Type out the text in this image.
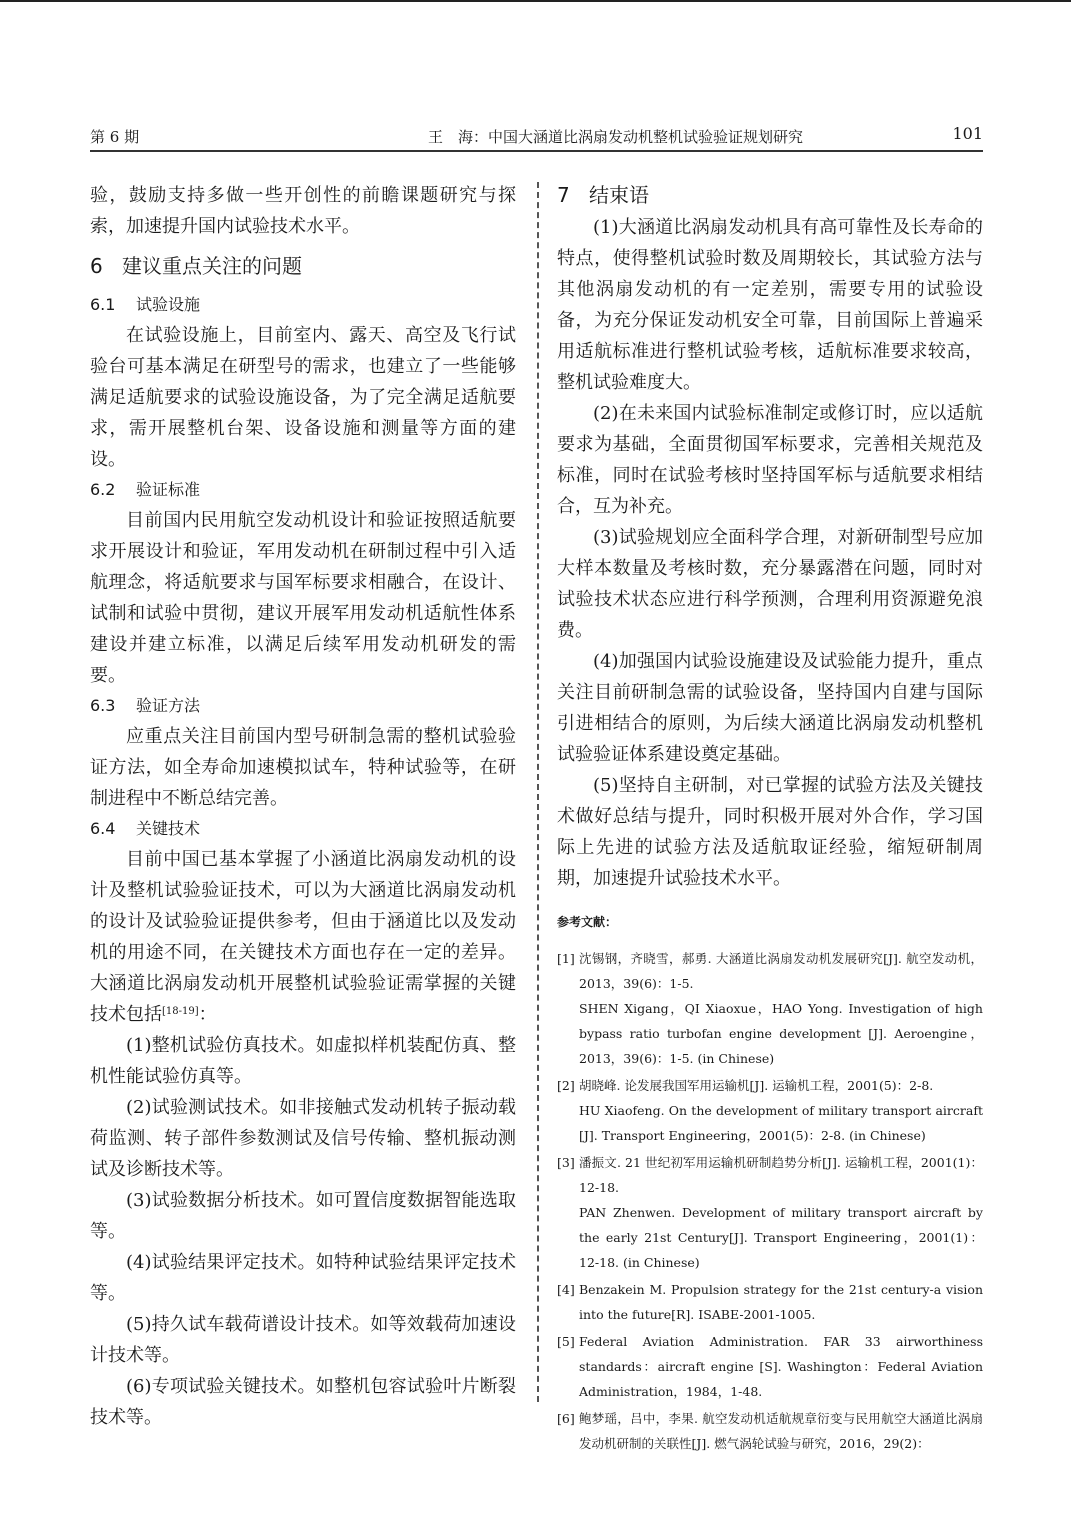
第 6 期	王　海：中国大涵道比涡扇发动机整机试验验证规划研究	101

验，鼓励支持多做一些开创性的前瞻课题研究与探索，加速提升国内试验技术水平。

6 建议重点关注的问题
6.1 试验设施

在试验设施上，目前室内、露天、高空及飞行试验台可基本满足在研型号的需求，也建立了一些能够满足适航要求的试验设施设备，为了完全满足适航要求，需开展整机台架、设备设施和测量等方面的建设。

6.2 验证标准

目前国内民用航空发动机设计和验证按照适航要求开展设计和验证，军用发动机在研制过程中引入适航理念，将适航要求与国军标要求相融合，在设计、试制和试验中贯彻，建议开展军用发动机适航性体系建设并建立标准，以满足后续军用发动机研发的需要。

6.3 验证方法

应重点关注目前国内型号研制急需的整机试验验证方法，如全寿命加速模拟试车，特种试验等，在研制进程中不断总结完善。

6.4 关键技术

目前中国已基本掌握了小涵道比涡扇发动机的设计及整机试验验证技术，可以为大涵道比涡扇发动机的设计及试验验证提供参考，但由于涵道比以及发动机的用途不同，在关键技术方面也存在一定的差异。大涵道比涡扇发动机开展整机试验验证需掌握的关键技术包括[18-19]：

(1)整机试验仿真技术。如虚拟样机装配仿真、整机性能试验仿真等。

(2)试验测试技术。如非接触式发动机转子振动载荷监测、转子部件参数测试及信号传输、整机振动测试及诊断技术等。

(3)试验数据分析技术。如可置信度数据智能选取等。

(4)试验结果评定技术。如特种试验结果评定技术等。

(5)持久试车载荷谱设计技术。如等效载荷加速设计技术等。

(6)专项试验关键技术。如整机包容试验叶片断裂技术等。

7 结束语

(1)大涵道比涡扇发动机具有高可靠性及长寿命的特点，使得整机试验时数及周期较长，其试验方法与其他涡扇发动机的有一定差别，需要专用的试验设备，为充分保证发动机安全可靠，目前国际上普遍采用适航标准进行整机试验考核，适航标准要求较高，整机试验难度大。

(2)在未来国内试验标准制定或修订时，应以适航要求为基础，全面贯彻国军标要求，完善相关规范及标准，同时在试验考核时坚持国军标与适航要求相结合，互为补充。

(3)试验规划应全面科学合理，对新研制型号应加大样本数量及考核时数，充分暴露潜在问题，同时对试验技术状态应进行科学预测，合理利用资源避免浪费。

(4)加强国内试验设施建设及试验能力提升，重点关注目前研制急需的试验设备，坚持国内自建与国际引进相结合的原则，为后续大涵道比涡扇发动机整机试验验证体系建设奠定基础。

(5)坚持自主研制，对已掌握的试验方法及关键技术做好总结与提升，同时积极开展对外合作，学习国际上先进的试验方法及适航取证经验，缩短研制周期，加速提升试验技术水平。

参考文献：
[1] 沈锡钢，齐晓雪，郝勇. 大涵道比涡扇发动机发展研究[J]. 航空发动机，2013，39(6)：1-5.
SHEN Xigang，QI Xiaoxue，HAO Yong. Investigation of high bypass ratio turbofan engine development [J]. Aeroengine，2013，39(6)：1-5. (in Chinese)
[2] 胡晓峰. 论发展我国军用运输机[J]. 运输机工程，2001(5)：2-8.
HU Xiaofeng. On the development of military transport aircraft [J]. Transport Engineering，2001(5)：2-8. (in Chinese)
[3] 潘振文. 21 世纪初军用运输机研制趋势分析[J]. 运输机工程，2001(1)：12-18.
PAN Zhenwen. Development of military transport aircraft by the early 21st Century[J]. Transport Engineering，2001(1)：12-18. (in Chinese)
[4] Benzakein M. Propulsion strategy for the 21st century-a vision into the future[R]. ISABE-2001-1005.
[5] Federal Aviation Administration. FAR 33 airworthiness standards：aircraft engine [S]. Washington：Federal Aviation Administration，1984，1-48.
[6] 鲍梦瑶，吕中，李果. 航空发动机适航规章衍变与民用航空大涵道比涡扇发动机研制的关联性[J]. 燃气涡轮试验与研究，2016，29(2)：
